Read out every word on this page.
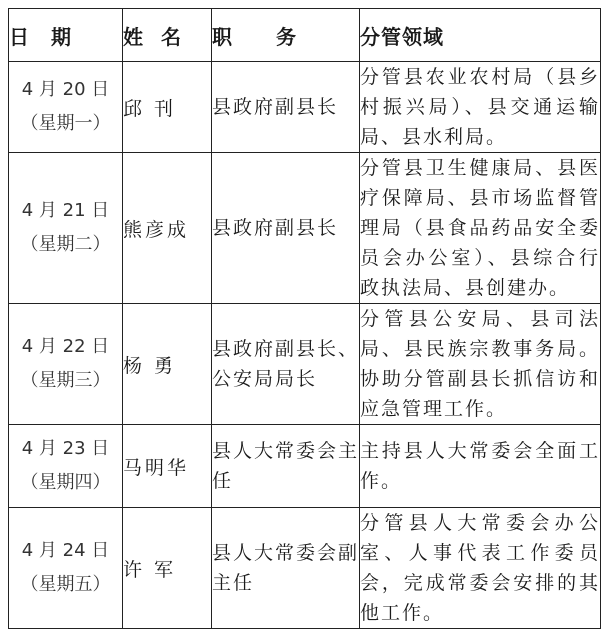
日期	姓名	职务	分管领域

4 月 20 日
（星期一）	邱 刊	县政府副县长	分管县农业农村局（县乡村振兴局）、县交通运输局、县水利局。

4 月 21 日
（星期二）	熊彦成	县政府副县长	分管县卫生健康局、县医疗保障局、县市场监督管理局（县食品药品安全委员会办公室）、县综合行政执法局、县创建办。

4 月 22 日
（星期三）	杨 勇	县政府副县长、公安局局长	分管县公安局、县司法局、县民族宗教事务局。协助分管副县长抓信访和应急管理工作。

4 月 23 日
（星期四）	马明华	县人大常委会主任	主持县人大常委会全面工作。

4 月 24 日
（星期五）	许 军	县人大常委会副主任	分管县人大常委会办公室、人事代表工作委员会，完成常委会安排的其他工作。
